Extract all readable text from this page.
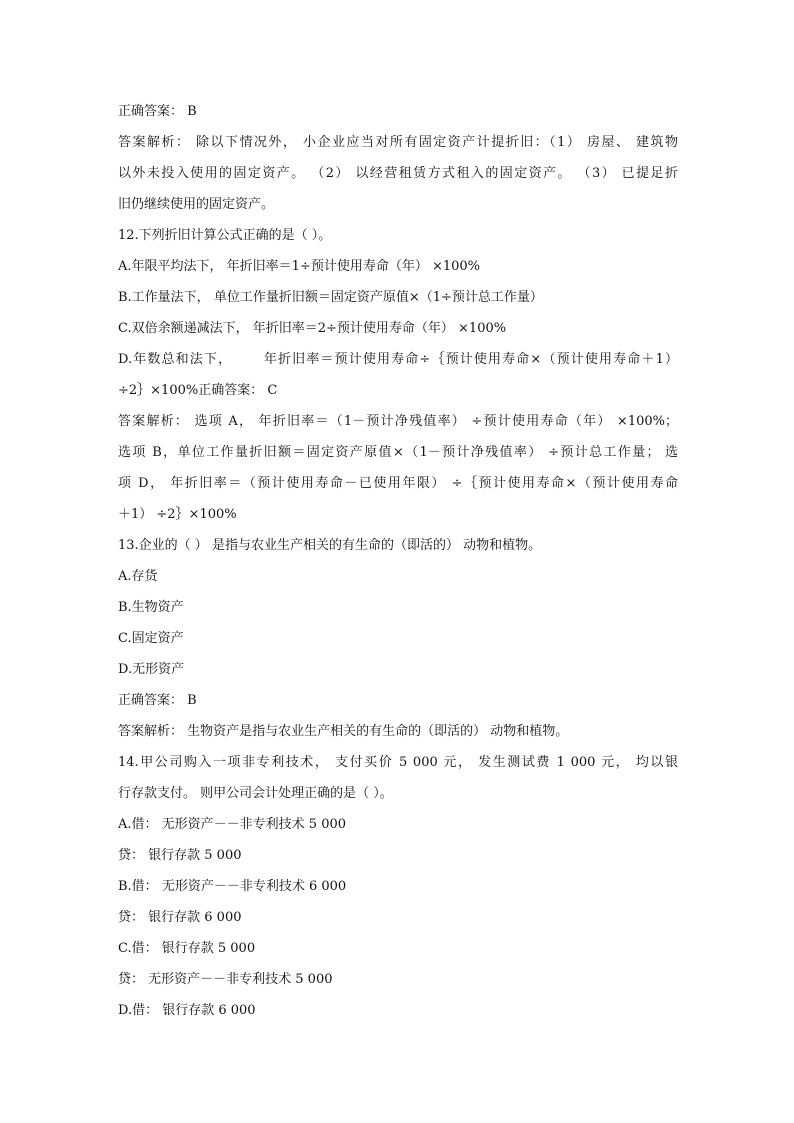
正确答案： B
答案解析： 除以下情况外， 小企业应当对所有固定资产计提折旧：（1） 房屋、 建筑物
以外未投入使用的固定资产。 （2） 以经营租赁方式租入的固定资产。 （3） 已提足折
旧仍继续使用的固定资产。
12.下列折旧计算公式正确的是（ ）。
A.年限平均法下， 年折旧率＝1÷预计使用寿命（年） ×100%
B.工作量法下， 单位工作量折旧额＝固定资产原值×（1÷预计总工作量）
C.双倍余额递减法下， 年折旧率＝2÷预计使用寿命（年） ×100%
D.年数总和法下，      年折旧率＝预计使用寿命÷｛预计使用寿命×（预计使用寿命＋1）
÷2｝×100%正确答案： C
答案解析： 选项 A， 年折旧率＝（1－预计净残值率） ÷预计使用寿命（年） ×100%；
选项 B，单位工作量折旧额＝固定资产原值×（1－预计净残值率） ÷预计总工作量； 选
项 D， 年折旧率＝（预计使用寿命－已使用年限） ÷｛预计使用寿命×（预计使用寿命
＋1） ÷2｝×100%
13.企业的（ ） 是指与农业生产相关的有生命的（即活的） 动物和植物。
A.存货
B.生物资产
C.固定资产
D.无形资产
正确答案： B
答案解析： 生物资产是指与农业生产相关的有生命的（即活的） 动物和植物。
14.甲公司购入一项非专利技术， 支付买价 5 000 元， 发生测试费 1 000 元， 均以银
行存款支付。 则甲公司会计处理正确的是（ ）。
A.借： 无形资产－－非专利技术 5 000
贷： 银行存款 5 000
B.借： 无形资产－－非专利技术 6 000
贷： 银行存款 6 000
C.借： 银行存款 5 000
贷： 无形资产－－非专利技术 5 000
D.借： 银行存款 6 000
